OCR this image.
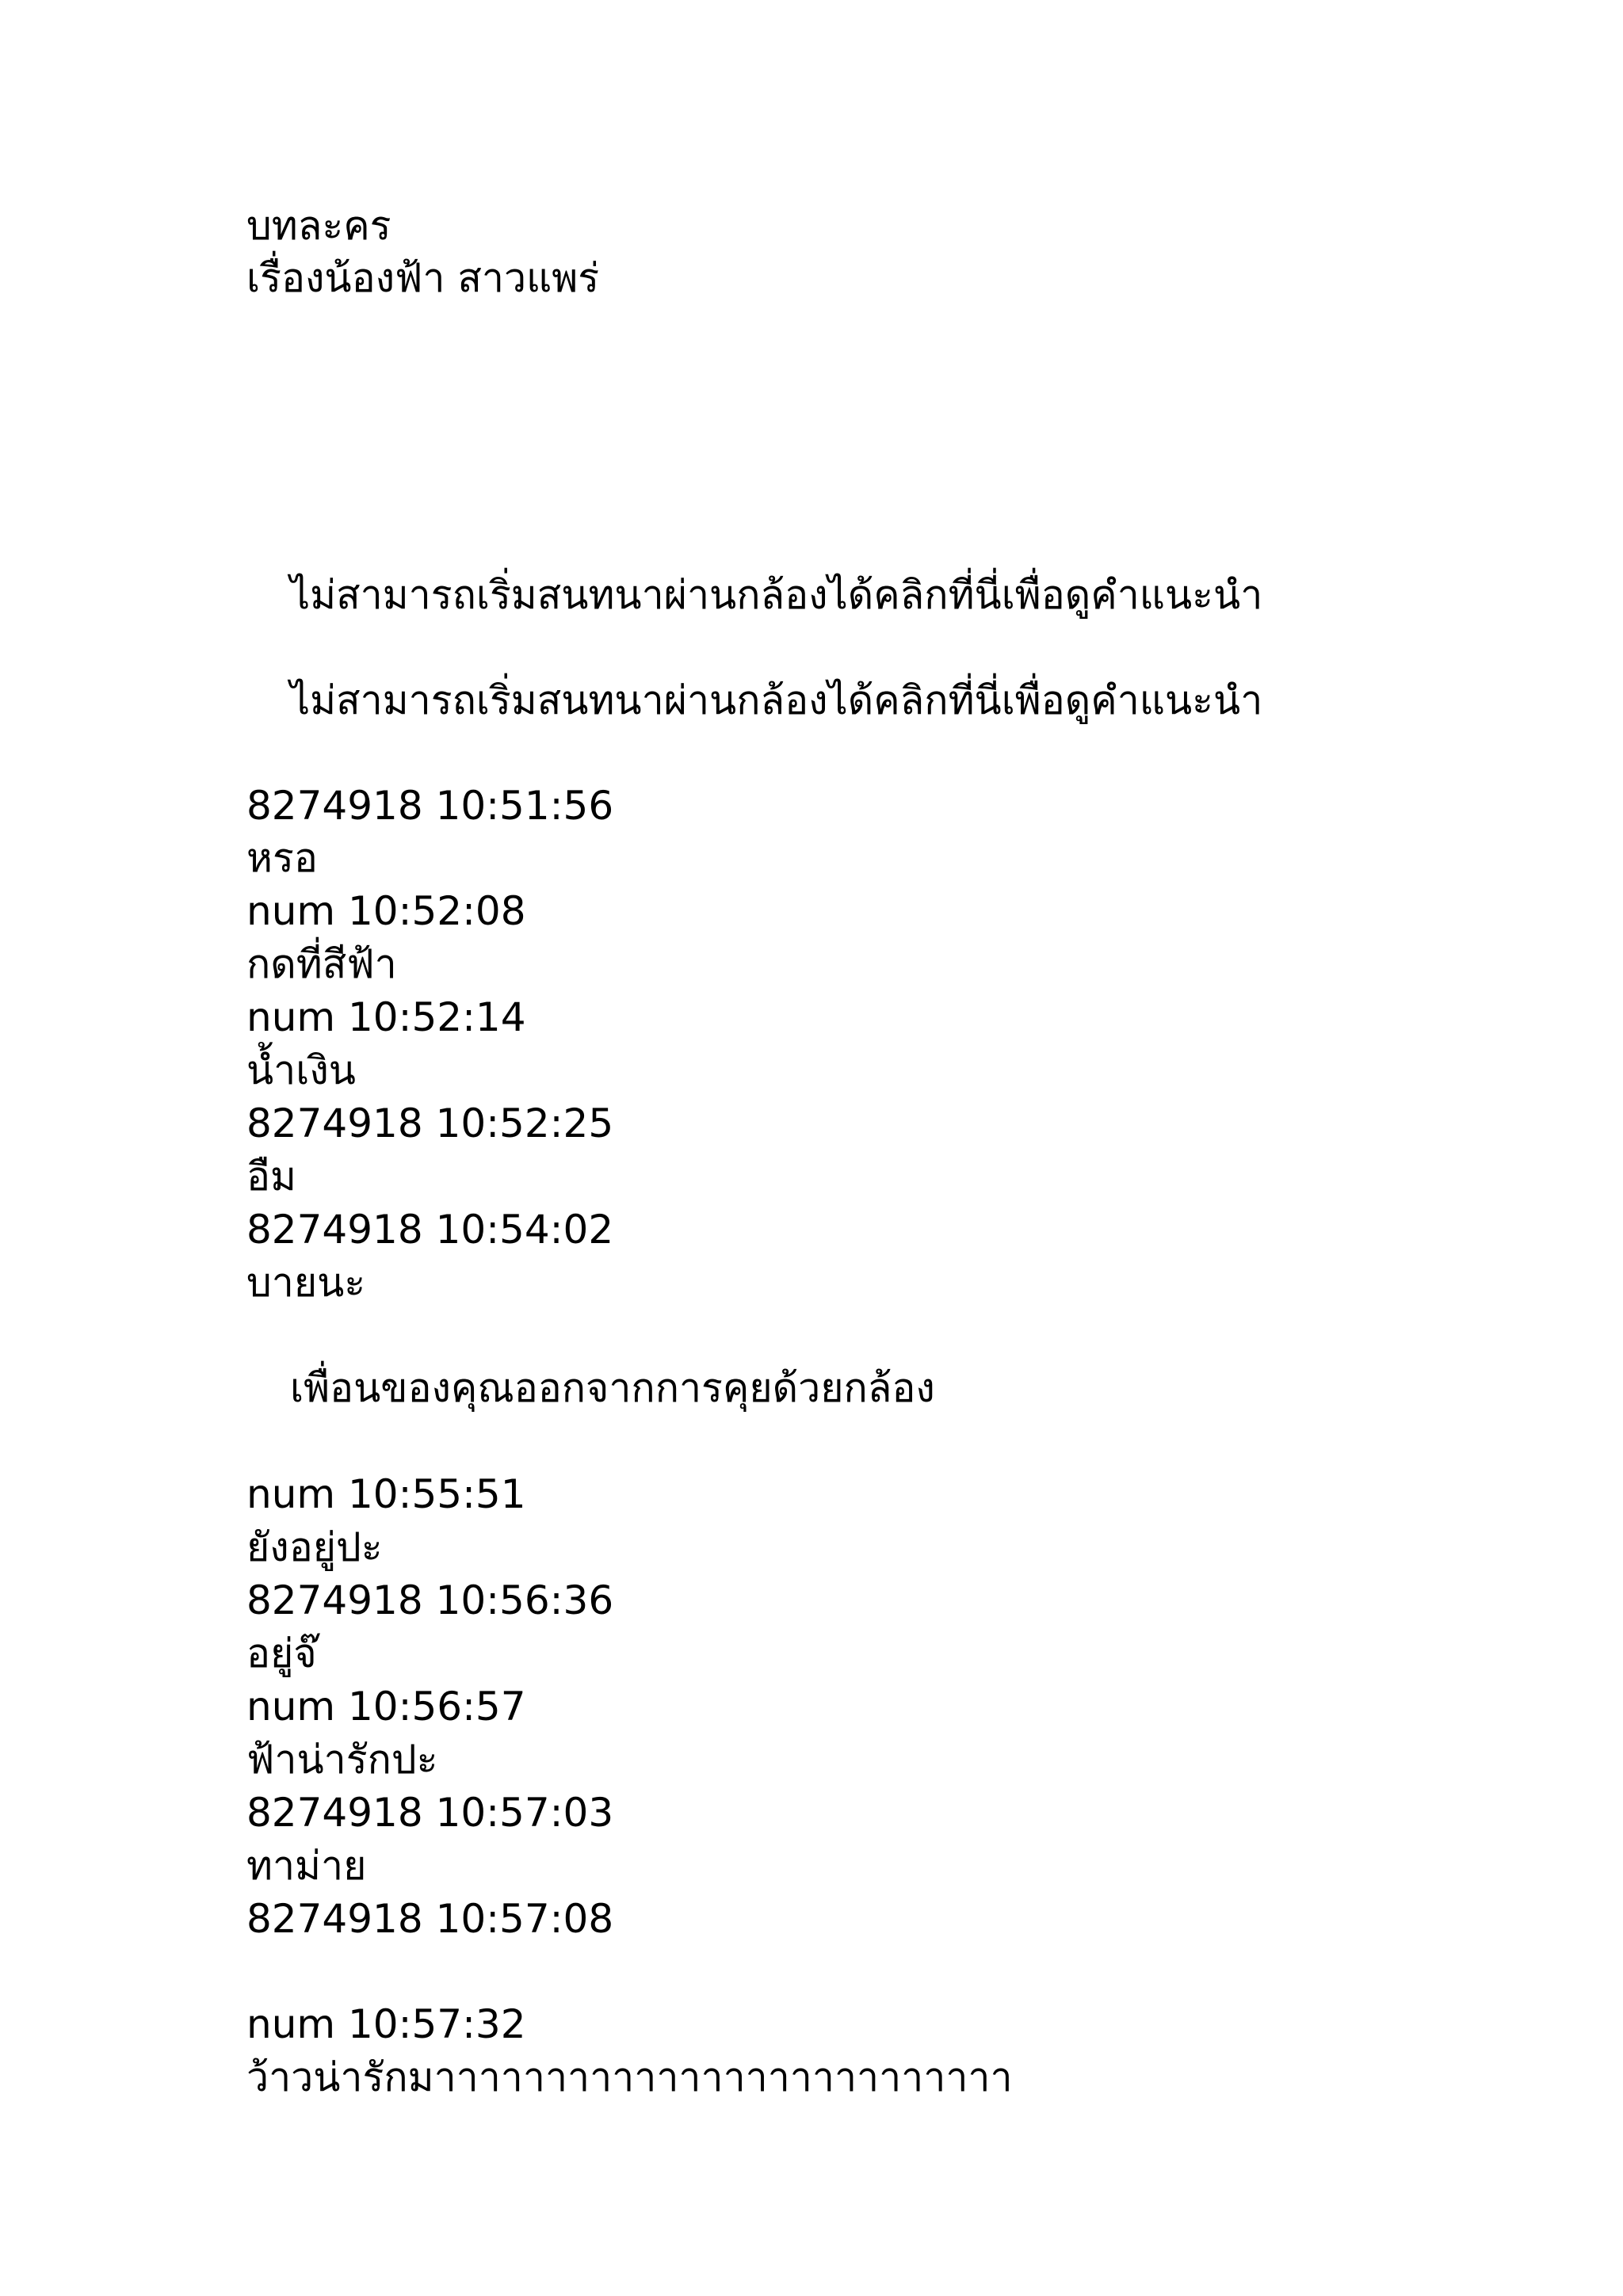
บทละคร
เรื่องน้องฟ้า สาวแพร่
ไม่สามารถเริ่มสนทนาผ่านกล้องได้คลิกที่นี่เพื่อดูคำแนะนำ
ไม่สามารถเริ่มสนทนาผ่านกล้องได้คลิกที่นี่เพื่อดูคำแนะนำ
8274918 10:51:56
หรอ
num 10:52:08
กดที่สีฟ้า
num 10:52:14
น้ำเงิน
8274918 10:52:25
อืม
8274918 10:54:02
บายนะ
เพื่อนของคุณออกจากการคุยด้วยกล้อง
num 10:55:51
ยังอยู่ปะ
8274918 10:56:36
อยู่จ๊
num 10:56:57
ฟ้าน่ารักปะ
8274918 10:57:03
ทาม่าย
8274918 10:57:08
num 10:57:32
ว้าวน่ารักมาาาาาาาาาาาาาาาาาาาาาาาาาา
